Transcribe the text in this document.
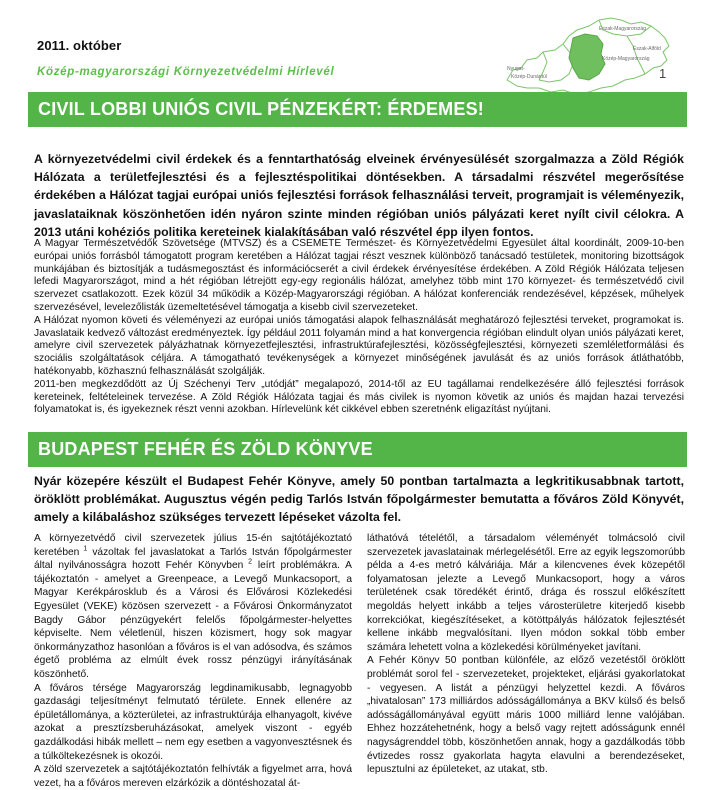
2011. október
Közép-magyarországi Környezetvédelmi Hírlevél
Észak-Magyarország
Közép-Magyarország
Észak-Alföld
Nyugat-
Közép-Dunántúl	1
CIVIL LOBBI UNIÓS CIVIL PÉNZEKÉRT: ÉRDEMES!

A környezetvédelmi civil érdekek és a fenntarthatóság elveinek érvényesülését szorgalmazza a Zöld Régiók Hálózata a területfejlesztési és a fejlesztéspolitikai döntésekben. A társadalmi részvétel megerősítése érdekében a Hálózat tagjai európai uniós fejlesztési források felhasználási terveit, programjait is véleményezik, javaslataiknak köszönhetően idén nyáron szinte minden régióban uniós pályázati keret nyílt civil célokra. A 2013 utáni kohéziós politika kereteinek kialakításában való részvétel épp ilyen fontos.

A Magyar Természetvédők Szövetsége (MTVSZ) és a CSEMETE Természet- és Környezetvédelmi Egyesület által koordinált, 2009-10-ben európai uniós forrásból támogatott program keretében a Hálózat tagjai részt vesznek különböző tanácsadó testületek, monitoring bizottságok munkájában és biztosítják a tudásmegosztást és információcserét a civil érdekek érvényesítése érdekében. A Zöld Régiók Hálózata teljesen lefedi Magyarországot, mind a hét régióban létrejött egy-egy regionális hálózat, amelyhez több mint 170 környezet- és természetvédő civil szervezet csatlakozott. Ezek közül 34 működik a Közép-Magyarországi régióban. A hálózat konferenciák rendezésével, képzések, műhelyek szervezésével, levelezőlisták üzemeltetésével támogatja a kisebb civil szervezeteket.

A Hálózat nyomon követi és véleményezi az európai uniós támogatási alapok felhasználását meghatározó fejlesztési terveket, programokat is. Javaslataik kedvező változást eredményeztek. Így például 2011 folyamán mind a hat konvergencia régióban elindult olyan uniós pályázati keret, amelyre civil szervezetek pályázhatnak környezetfejlesztési, infrastruktúrafejlesztési, közösségfejlesztési, környezeti szemléletformálási és szociális szolgáltatások céljára. A támogatható tevékenységek a környezet minőségének javulását és az uniós források átláthatóbb, hatékonyabb, közhasznú felhasználását szolgálják.

2011-ben megkezdődött az Új Széchenyi Terv „utódját” megalapozó, 2014-től az EU tagállamai rendelkezésére álló fejlesztési források kereteinek, feltételeinek tervezése. A Zöld Régiók Hálózata tagjai és más civilek is nyomon követik az uniós és majdan hazai tervezési folyamatokat is, és igyekeznek részt venni azokban. Hírlevelünk két cikkével ebben szeretnénk eligazítást nyújtani.

BUDAPEST FEHÉR ÉS ZÖLD KÖNYVE

Nyár közepére készült el Budapest Fehér Könyve, amely 50 pontban tartalmazta a legkritikusabbnak tartott, öröklött problémákat. Augusztus végén pedig Tarlós István főpolgármester bemutatta a főváros Zöld Könyvét, amely a kilábaláshoz szükséges tervezett lépéseket vázolta fel.

A környezetvédő civil szervezetek július 15-én sajtótájékoztató keretében $^1$ vázoltak fel javaslatokat a Tarlós István főpolgármester által nyilvánosságra hozott Fehér Könyvben $^2$ leírt problémákra. A tájékoztatón - amelyet a Greenpeace, a Levegő Munkacsoport, a Magyar Kerékpárosklub és a Városi és Elővárosi Közlekedési Egyesület (VEKE) közösen szervezett - a Fővárosi Önkormányzatot Bagdy Gábor pénzügyekért felelős főpolgármester-helyettes képviselte. Nem véletlenül, hiszen közismert, hogy sok magyar önkormányzathoz hasonlóan a főváros is el van adósodva, és számos égető probléma az elmúlt évek rossz pénzügyi irányításának köszönhető.

A főváros térsége Magyarország legdinamikusabb, legnagyobb gazdasági teljesítményt felmutató térülete. Ennek ellenére az épületállománya, a közterületei, az infrastruktúrája elhanyagolt, kivéve azokat a presztízsberuházásokat, amelyek viszont - egyéb gazdálkodási hibák mellett – nem egy esetben a vagyonvesztésnek és a túlköltekezésnek is okozói.

A zöld szervezetek a sajtótájékoztatón felhívták a figyelmet arra, hová vezet, ha a főváros mereven elzárkózik a döntéshozatal át-

láthatóvá tételétől, a társadalom véleményét tolmácsoló civil szervezetek javaslatainak mérlegelésétől. Erre az egyik legszomorúbb példa a 4-es metró kálváriája. Már a kilencvenes évek közepétől folyamatosan jelezte a Levegő Munkacsoport, hogy a város területének csak töredékét érintő, drága és rosszul előkészített megoldás helyett inkább a teljes városterületre kiterjedő kisebb korrekciókat, kiegészítéseket, a kötöttpályás hálózatok fejlesztését kellene inkább megvalósítani. Ilyen módon sokkal több ember számára lehetett volna a közlekedési körülményeket javítani.

A Fehér Könyv 50 pontban különféle, az előző vezetéstől öröklött problémát sorol fel - szervezeteket, projekteket, eljárási gyakorlatokat - vegyesen. A listát a pénzügyi helyzettel kezdi. A főváros „hivatalosan” 173 milliárdos adósságállománya a BKV külső és belső adósságállományával együtt máris 1000 milliárd lenne valójában. Ehhez hozzátehetnénk, hogy a belső vagy rejtett adósságunk ennél nagyságrenddel több, köszönhetően annak, hogy a gazdálkodás több évtizedes rossz gyakorlata hagyta elavulni a berendezéseket, lepusztulni az épületeket, az utakat, stb.
